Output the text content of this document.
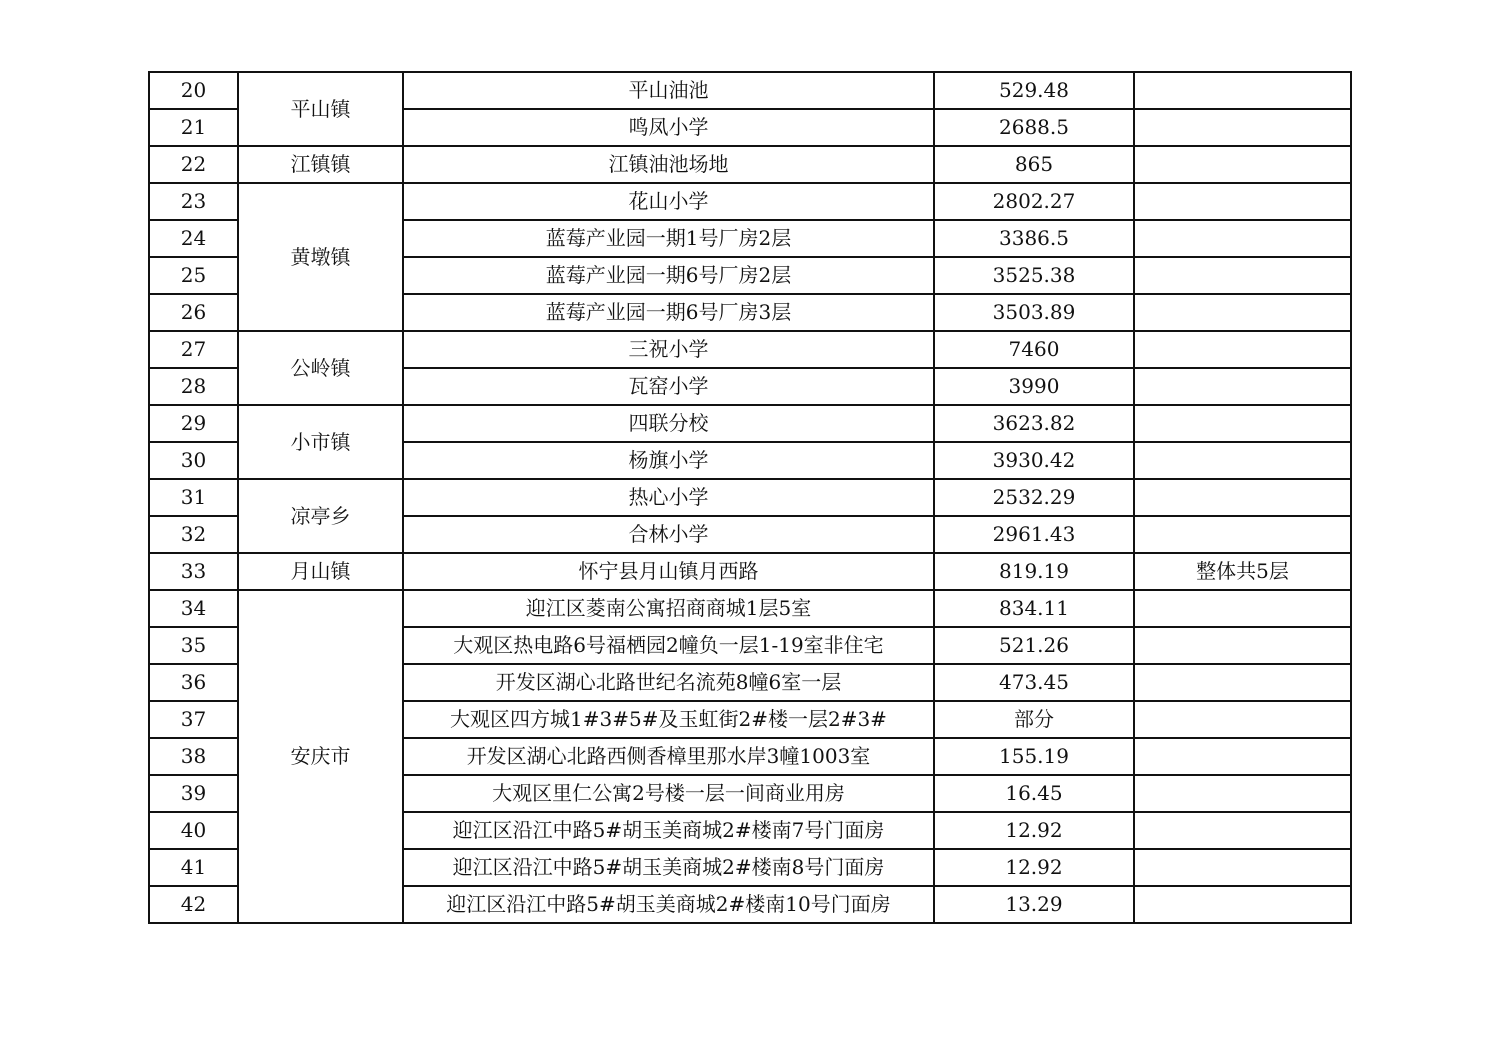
20	平山镇	平山油池	529.48	
21		鸣凤小学	2688.5	
22	江镇镇	江镇油池场地	865	
23	黄墩镇	花山小学	2802.27	
24		蓝莓产业园一期1号厂房2层	3386.5	
25		蓝莓产业园一期6号厂房2层	3525.38	
26		蓝莓产业园一期6号厂房3层	3503.89	
27	公岭镇	三祝小学	7460	
28		瓦窑小学	3990	
29	小市镇	四联分校	3623.82	
30		杨旗小学	3930.42	
31	凉亭乡	热心小学	2532.29	
32		合林小学	2961.43	
33	月山镇	怀宁县月山镇月西路	819.19	整体共5层
34	安庆市	迎江区菱南公寓招商商城1层5室	834.11	
35		大观区热电路6号福栖园2幢负一层1-19室非住宅	521.26	
36		开发区湖心北路世纪名流苑8幢6室一层	473.45	
37		大观区四方城1#3#5#及玉虹街2#楼一层2#3#	部分	
38		开发区湖心北路西侧香樟里那水岸3幢1003室	155.19	
39		大观区里仁公寓2号楼一层一间商业用房	16.45	
40		迎江区沿江中路5#胡玉美商城2#楼南7号门面房	12.92	
41		迎江区沿江中路5#胡玉美商城2#楼南8号门面房	12.92	
42		迎江区沿江中路5#胡玉美商城2#楼南10号门面房	13.29	
